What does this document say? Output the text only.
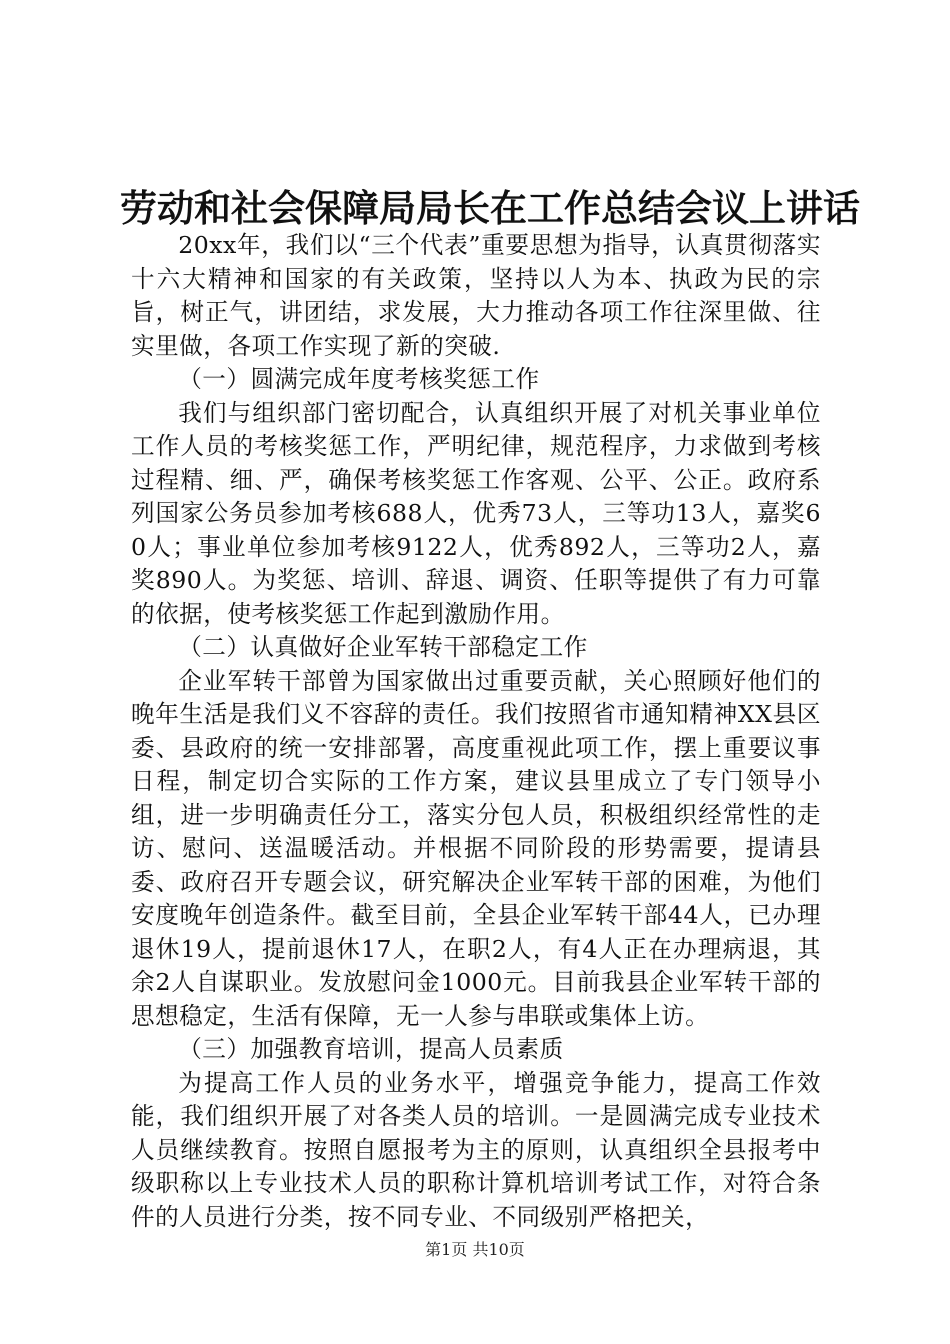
劳动和社会保障局局长在工作总结会议上讲话

20xx年，我们以“三个代表”重要思想为指导，认真贯彻落实十六大精神和国家的有关政策，坚持以人为本、执政为民的宗旨，树正气，讲团结，求发展，大力推动各项工作往深里做、往实里做，各项工作实现了新的突破.

（一）圆满完成年度考核奖惩工作

我们与组织部门密切配合，认真组织开展了对机关事业单位工作人员的考核奖惩工作，严明纪律，规范程序，力求做到考核过程精、细、严，确保考核奖惩工作客观、公平、公正。政府系列国家公务员参加考核688人，优秀73人，三等功13人，嘉奖60人；事业单位参加考核9122人，优秀892人，三等功2人，嘉奖890人。为奖惩、培训、辞退、调资、任职等提供了有力可靠的依据，使考核奖惩工作起到激励作用。

（二）认真做好企业军转干部稳定工作

企业军转干部曾为国家做出过重要贡献，关心照顾好他们的晚年生活是我们义不容辞的责任。我们按照省市通知精神XX县区委、县政府的统一安排部署，高度重视此项工作，摆上重要议事日程，制定切合实际的工作方案，建议县里成立了专门领导小组，进一步明确责任分工，落实分包人员，积极组织经常性的走访、慰问、送温暖活动。并根据不同阶段的形势需要，提请县委、政府召开专题会议，研究解决企业军转干部的困难，为他们安度晚年创造条件。截至目前，全县企业军转干部44人，已办理退休19人，提前退休17人，在职2人，有4人正在办理病退，其余2人自谋职业。发放慰问金1000元。目前我县企业军转干部的思想稳定，生活有保障，无一人参与串联或集体上访。

（三）加强教育培训，提高人员素质

为提高工作人员的业务水平，增强竞争能力，提高工作效能，我们组织开展了对各类人员的培训。一是圆满完成专业技术人员继续教育。按照自愿报考为主的原则，认真组织全县报考中级职称以上专业技术人员的职称计算机培训考试工作，对符合条件的人员进行分类，按不同专业、不同级别严格把关，

第1页 共10页
